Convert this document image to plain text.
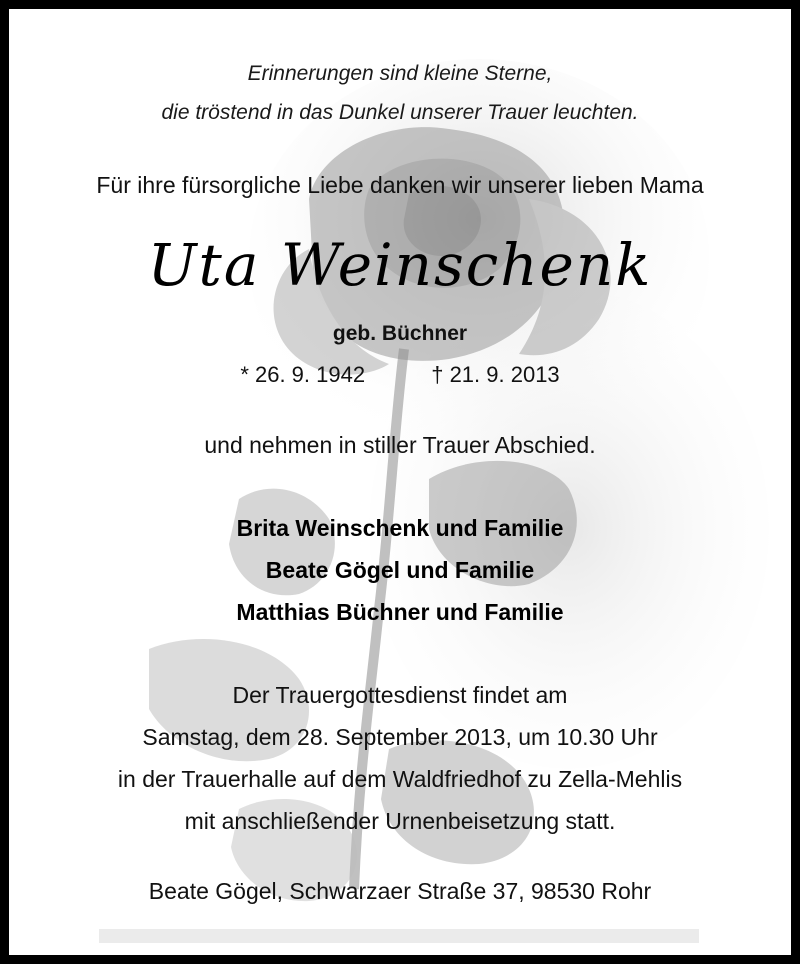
Erinnerungen sind kleine Sterne,
die tröstend in das Dunkel unserer Trauer leuchten.
Für ihre fürsorgliche Liebe danken wir unserer lieben Mama
Uta Weinschenk
geb. Büchner
* 26. 9. 1942	† 21. 9. 2013
und nehmen in stiller Trauer Abschied.
Brita Weinschenk und Familie
Beate Gögel und Familie
Matthias Büchner und Familie
Der Trauergottesdienst findet am
Samstag, dem 28. September 2013, um 10.30 Uhr
in der Trauerhalle auf dem Waldfriedhof zu Zella-Mehlis
mit anschließender Urnenbeisetzung statt.
Beate Gögel, Schwarzaer Straße 37, 98530 Rohr
